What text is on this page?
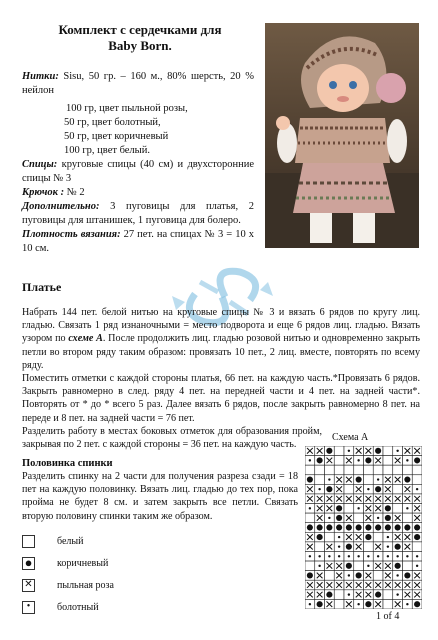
Комплект с сердечками для
Baby Born.
Нитки: Sisu, 50 гр. – 160 м., 80% шерсть, 20 % нейлон
100 гр, цвет пыльной розы,
50 гр, цвет болотный,
50 гр, цвет коричневый
100 гр, цвет белый.
Спицы: круговые спицы (40 см) и двухсторонние спицы № 3
Крючок : № 2
Дополнительно: 3 пуговицы для платья, 2 пуговицы для штанишек, 1 пуговица для болеро.
Плотность вязания: 27 пет. на спицах № 3 = 10 х 10 см.
Платье

Набрать 144 пет. белой нитью на круговые спицы № 3 и вязать 6 рядов по кругу лиц. гладью. Связать 1 ряд изнаночными = место подворота и еще 6 рядов лиц. гладью. Вязать узором по схеме А. После продолжить лиц. гладью розовой нитью и одновременно закрыть петли во втором ряду таким образом: провязать 10 пет., 2 лиц. вместе, повторять по всему ряду.

Поместить отметки с каждой стороны платья, 66 пет. на каждую часть.*Провязать 6 рядов. Закрыть равномерно в след. ряду 4 пет. на передней части и 4 пет. на задней части*. Повторять от * до * всего 5 раз. Далее вязать 6 рядов, после закрыть равномерно 8 пет. на переде и 8 пет. на задней части = 76 пет.

Разделить работу в местах боковых отметок для образования пройм, закрывая по 2 пет. с каждой стороны = 36 пет. на каждую часть.

Схема А
Половинка спинки
Разделить спинку на 2 части для получения разреза сзади = 18 пет на каждую половинку. Вязать лиц. гладью до тех пор, пока пройма не будет 8 см. и затем закрыть все петли. Связать вторую половину спинки таким же образом.
белый
● коричневый
✕ пыльная роза
•	болотный
1 of 4
